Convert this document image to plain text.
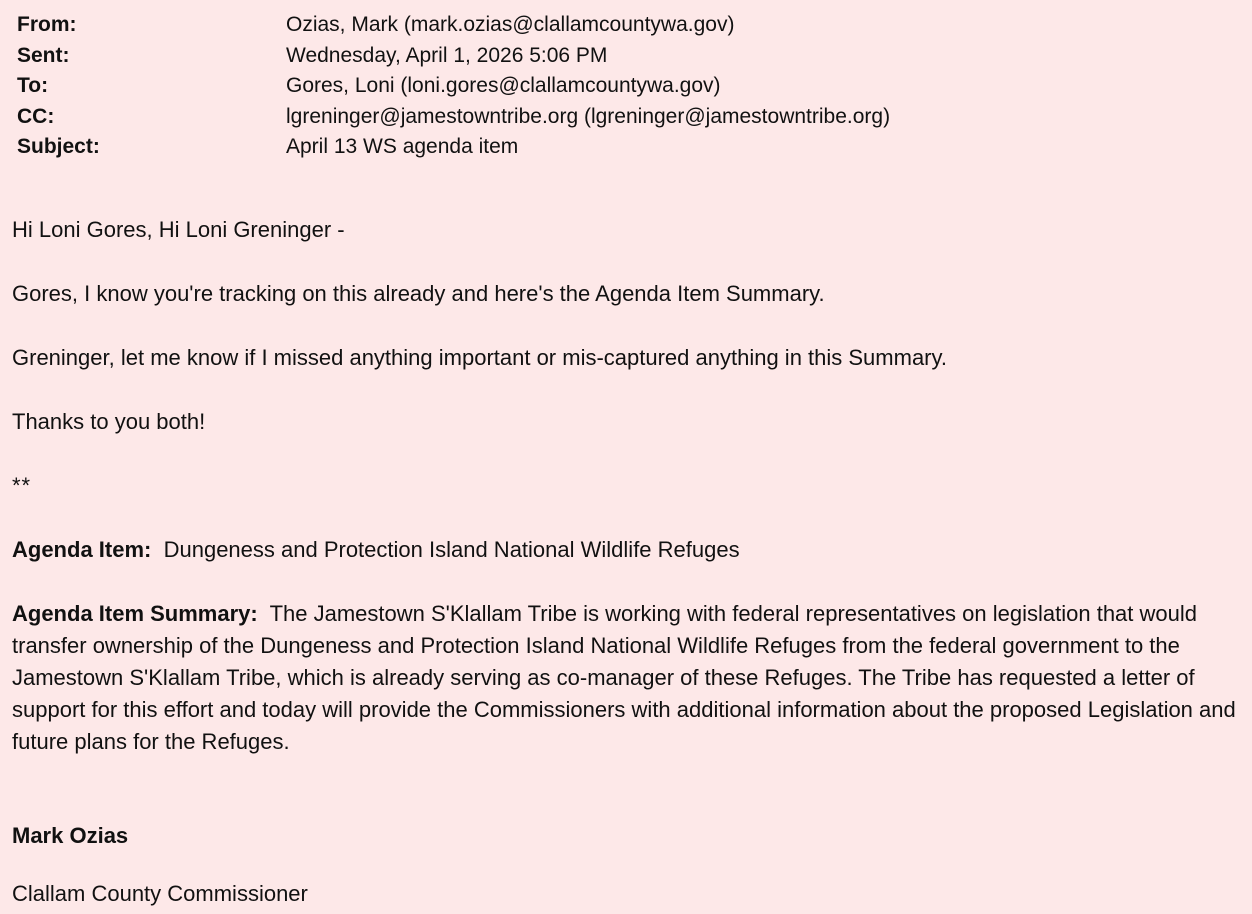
From:	Ozias, Mark (mark.ozias@clallamcountywa.gov)
Sent:	Wednesday, April 1, 2026 5:06 PM
To:	Gores, Loni (loni.gores@clallamcountywa.gov)
CC:	lgreninger@jamestowntribe.org (lgreninger@jamestowntribe.org)
Subject:	April 13 WS agenda item

Hi Loni Gores, Hi Loni Greninger -

Gores, I know you're tracking on this already and here's the Agenda Item Summary.

Greninger, let me know if I missed anything important or mis-captured anything in this Summary.

Thanks to you both!

**

Agenda Item: Dungeness and Protection Island National Wildlife Refuges

Agenda Item Summary: The Jamestown S'Klallam Tribe is working with federal representatives on legislation that would transfer ownership of the Dungeness and Protection Island National Wildlife Refuges from the federal government to the Jamestown S'Klallam Tribe, which is already serving as co-manager of these Refuges. The Tribe has requested a letter of support for this effort and today will provide the Commissioners with additional information about the proposed Legislation and future plans for the Refuges.

Mark Ozias

Clallam County Commissioner
